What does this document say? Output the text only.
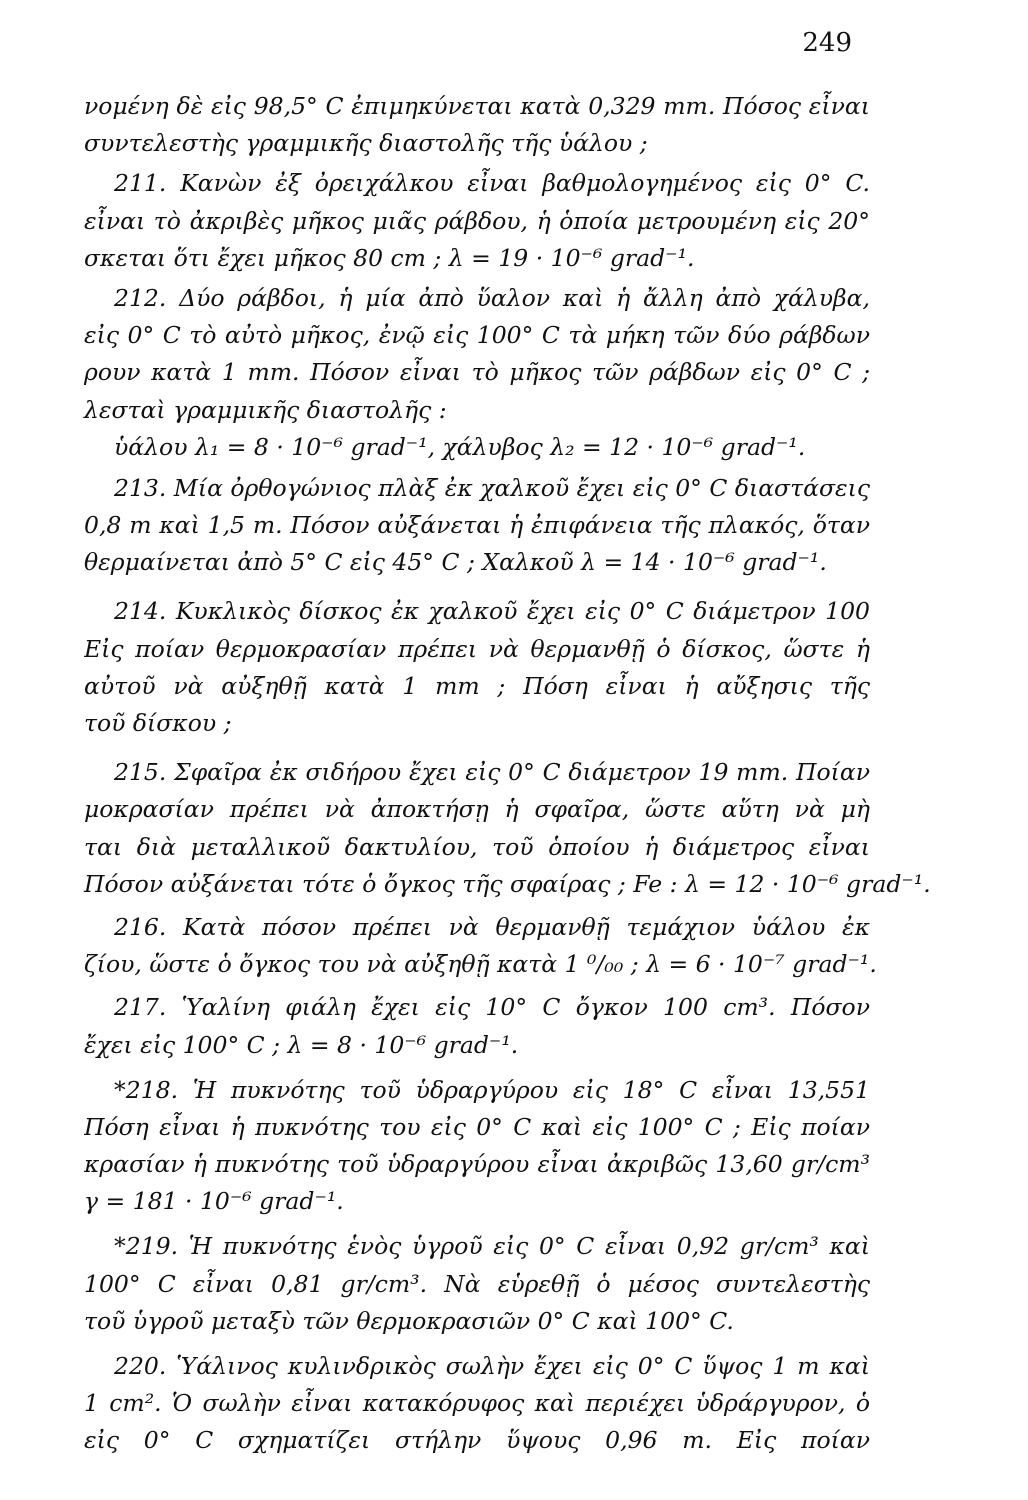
249
νομένη δὲ εἰς 98,5° C ἐπιμηκύνεται κατὰ 0,329 mm. Πόσος εἶναι
συντελεστὴς γραμμικῆς διαστολῆς τῆς ὑάλου ;
211. Κανὼν ἐξ ὀρειχάλκου εἶναι βαθμολογημένος εἰς 0° C.
εἶναι τὸ ἀκριβὲς μῆκος μιᾶς ράβδου, ἡ ὁποία μετρουμένη εἰς 20°
σκεται ὅτι ἔχει μῆκος 80 cm ; λ = 19 · 10⁻⁶ grad⁻¹.
212. Δύο ράβδοι, ἡ μία ἀπὸ ὕαλον καὶ ἡ ἄλλη ἀπὸ χάλυβα,
εἰς 0° C τὸ αὐτὸ μῆκος, ἐνῷ εἰς 100° C τὰ μήκη τῶν δύο ράβδων
ρουν κατὰ 1 mm. Πόσον εἶναι τὸ μῆκος τῶν ράβδων εἰς 0° C ;
λεσταὶ γραμμικῆς διαστολῆς :
ὑάλου λ₁ = 8 · 10⁻⁶ grad⁻¹, χάλυβος λ₂ = 12 · 10⁻⁶ grad⁻¹.
213. Μία ὀρθογώνιος πλὰξ ἐκ χαλκοῦ ἔχει εἰς 0° C διαστάσεις
0,8 m καὶ 1,5 m. Πόσον αὐξάνεται ἡ ἐπιφάνεια τῆς πλακός, ὅταν
θερμαίνεται ἀπὸ 5° C εἰς 45° C ; Χαλκοῦ λ = 14 · 10⁻⁶ grad⁻¹.
214. Κυκλικὸς δίσκος ἐκ χαλκοῦ ἔχει εἰς 0° C διάμετρον 100
Εἰς ποίαν θερμοκρασίαν πρέπει νὰ θερμανθῇ ὁ δίσκος, ὥστε ἡ
αὐτοῦ νὰ αὐξηθῇ κατὰ 1 mm ; Πόση εἶναι ἡ αὔξησις τῆς
τοῦ δίσκου ;
215. Σφαῖρα ἐκ σιδήρου ἔχει εἰς 0° C διάμετρον 19 mm. Ποίαν
μοκρασίαν πρέπει νὰ ἀποκτήσῃ ἡ σφαῖρα, ὥστε αὕτη νὰ μὴ
ται διὰ μεταλλικοῦ δακτυλίου, τοῦ ὁποίου ἡ διάμετρος εἶναι
Πόσον αὐξάνεται τότε ὁ ὄγκος τῆς σφαίρας ; Fe : λ = 12 · 10⁻⁶ grad⁻¹.
216. Κατὰ πόσον πρέπει νὰ θερμανθῇ τεμάχιον ὑάλου ἐκ
ζίου, ὥστε ὁ ὄγκος του νὰ αὐξηθῇ κατὰ 1 ⁰/₀₀ ; λ = 6 · 10⁻⁷ grad⁻¹.
217. Ὑαλίνη φιάλη ἔχει εἰς 10° C ὄγκον 100 cm³. Πόσον
ἔχει εἰς 100° C ; λ = 8 · 10⁻⁶ grad⁻¹.
*218. Ἡ πυκνότης τοῦ ὑδραργύρου εἰς 18° C εἶναι 13,551
Πόση εἶναι ἡ πυκνότης του εἰς 0° C καὶ εἰς 100° C ; Εἰς ποίαν
κρασίαν ἡ πυκνότης τοῦ ὑδραργύρου εἶναι ἀκριβῶς 13,60 gr/cm³
γ = 181 · 10⁻⁶ grad⁻¹.
*219. Ἡ πυκνότης ἑνὸς ὑγροῦ εἰς 0° C εἶναι 0,92 gr/cm³ καὶ
100° C εἶναι 0,81 gr/cm³. Νὰ εὑρεθῇ ὁ μέσος συντελεστὴς
τοῦ ὑγροῦ μεταξὺ τῶν θερμοκρασιῶν 0° C καὶ 100° C.
220. Ὑάλινος κυλινδρικὸς σωλὴν ἔχει εἰς 0° C ὕψος 1 m καὶ
1 cm². Ὁ σωλὴν εἶναι κατακόρυφος καὶ περιέχει ὑδράργυρον, ὁ
εἰς 0° C σχηματίζει στήλην ὕψους 0,96 m. Εἰς ποίαν
